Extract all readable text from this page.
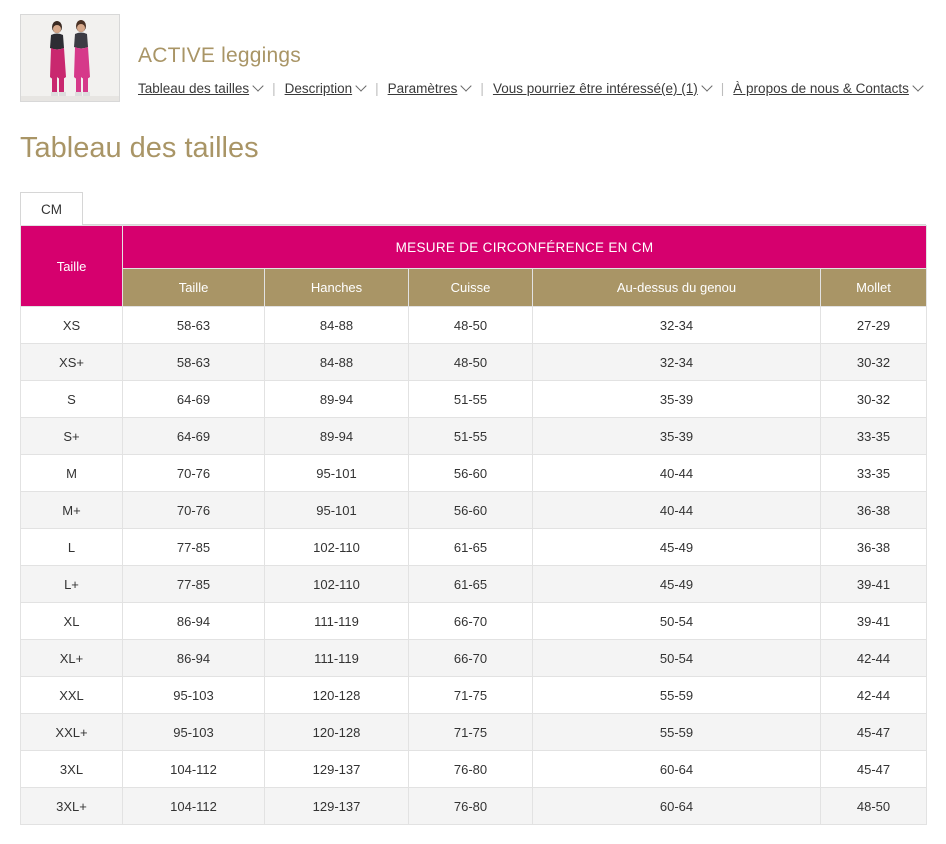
ACTIVE leggings
Tableau des tailles | Description | Paramètres | Vous pourriez être intéressé(e) (1) | À propos de nous & Contacts
Tableau des tailles
CM
Taille	MESURE DE CIRCONFÉRENCE EN CM				
	Taille	Hanches	Cuisse	Au-dessus du genou	Mollet
XS	58-63	84-88	48-50	32-34	27-29
XS+	58-63	84-88	48-50	32-34	30-32
S	64-69	89-94	51-55	35-39	30-32
S+	64-69	89-94	51-55	35-39	33-35
M	70-76	95-101	56-60	40-44	33-35
M+	70-76	95-101	56-60	40-44	36-38
L	77-85	102-110	61-65	45-49	36-38
L+	77-85	102-110	61-65	45-49	39-41
XL	86-94	111-119	66-70	50-54	39-41
XL+	86-94	111-119	66-70	50-54	42-44
XXL	95-103	120-128	71-75	55-59	42-44
XXL+	95-103	120-128	71-75	55-59	45-47
3XL	104-112	129-137	76-80	60-64	45-47
3XL+	104-112	129-137	76-80	60-64	48-50
